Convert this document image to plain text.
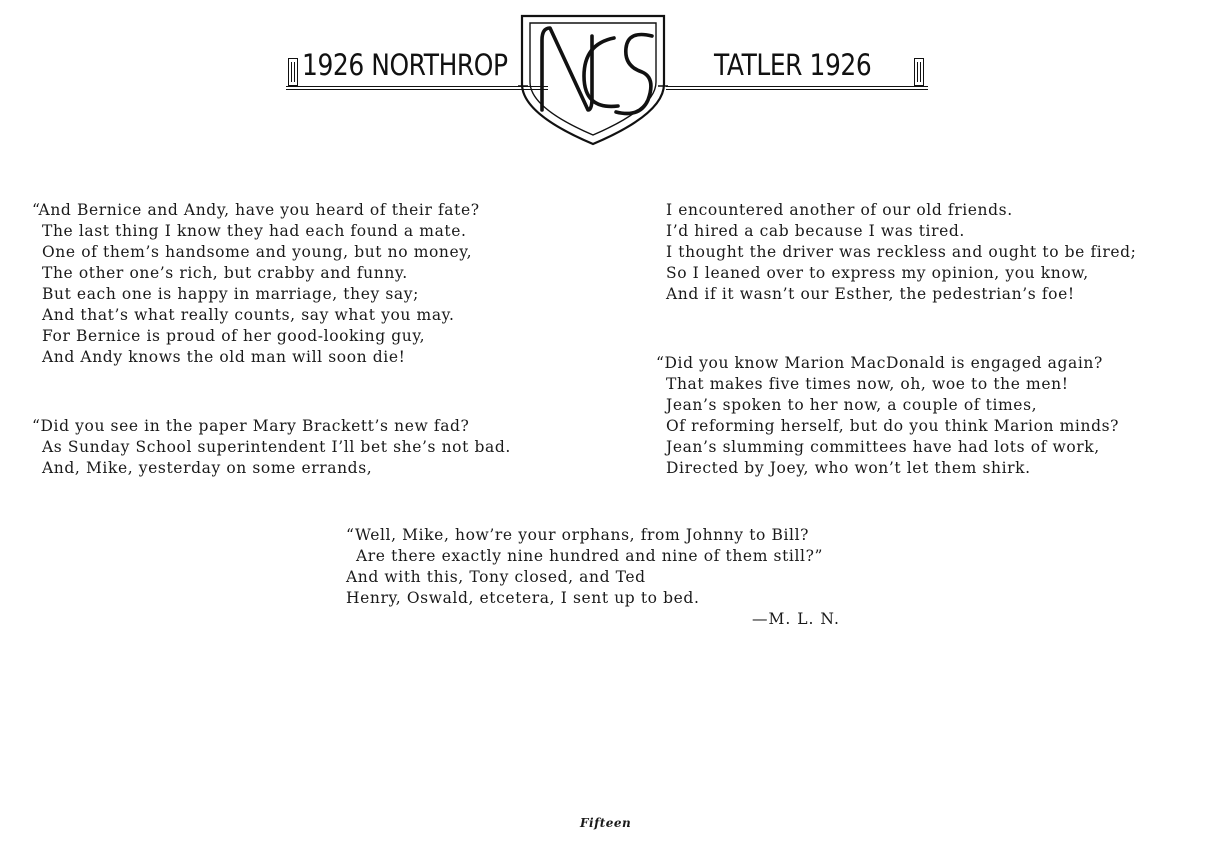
1926 NORTHROP	TATLER 1926
“And Bernice and Andy, have you heard of their fate?
The last thing I know they had each found a mate.
One of them’s handsome and young, but no money,
The other one’s rich, but crabby and funny.
But each one is happy in marriage, they say;
And that’s what really counts, say what you may.
For Bernice is proud of her good-looking guy,
And Andy knows the old man will soon die!
“Did you see in the paper Mary Brackett’s new fad?
As Sunday School superintendent I’ll bet she’s not bad.
And, Mike, yesterday on some errands,
I encountered another of our old friends.
I’d hired a cab because I was tired.
I thought the driver was reckless and ought to be fired;
So I leaned over to express my opinion, you know,
And if it wasn’t our Esther, the pedestrian’s foe!
“Did you know Marion MacDonald is engaged again?
That makes five times now, oh, woe to the men!
Jean’s spoken to her now, a couple of times,
Of reforming herself, but do you think Marion minds?
Jean’s slumming committees have had lots of work,
Directed by Joey, who won’t let them shirk.
“Well, Mike, how’re your orphans, from Johnny to Bill?
Are there exactly nine hundred and nine of them still?”
And with this, Tony closed, and Ted
Henry, Oswald, etcetera, I sent up to bed.
—M. L. N.
Fifteen
